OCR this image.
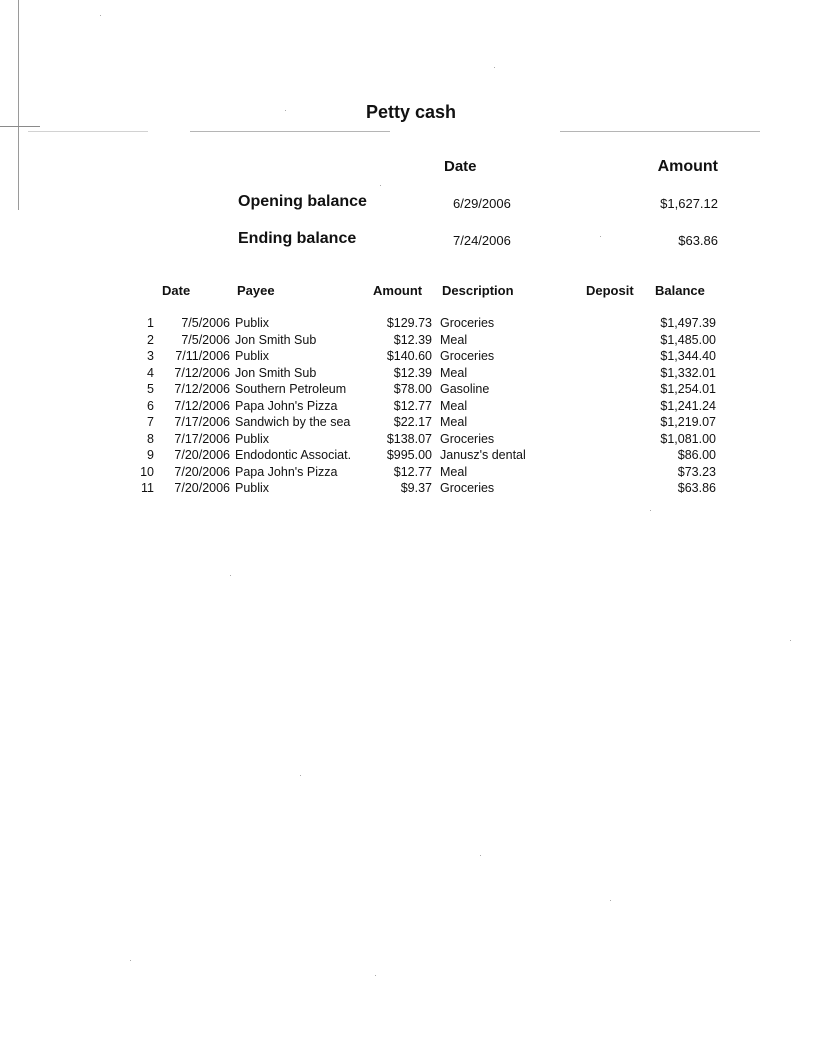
Petty cash
Date	Amount
Opening balance	6/29/2006	$1,627.12
Ending balance	7/24/2006	$63.86
Date	Payee	Amount Description	Deposit Balance
1 7/5/2006 Publix	$129.73 Groceries	$1,497.39
2 7/5/2006 Jon Smith Sub	$12.39 Meal	$1,485.00
3 7/11/2006 Publix	$140.60 Groceries	$1,344.40
4 7/12/2006 Jon Smith Sub	$12.39 Meal	$1,332.01
5 7/12/2006 Southern Petroleum	$78.00 Gasoline	$1,254.01
6 7/12/2006 Papa John's Pizza	$12.77 Meal	$1,241.24
7 7/17/2006 Sandwich by the sea	$22.17 Meal	$1,219.07
8 7/17/2006 Publix	$138.07 Groceries	$1,081.00
9 7/20/2006 Endodontic Associat.	$995.00 Janusz's dental	$86.00
10 7/20/2006 Papa John's Pizza	$12.77 Meal	$73.23
11 7/20/2006 Publix	$9.37 Groceries	$63.86
